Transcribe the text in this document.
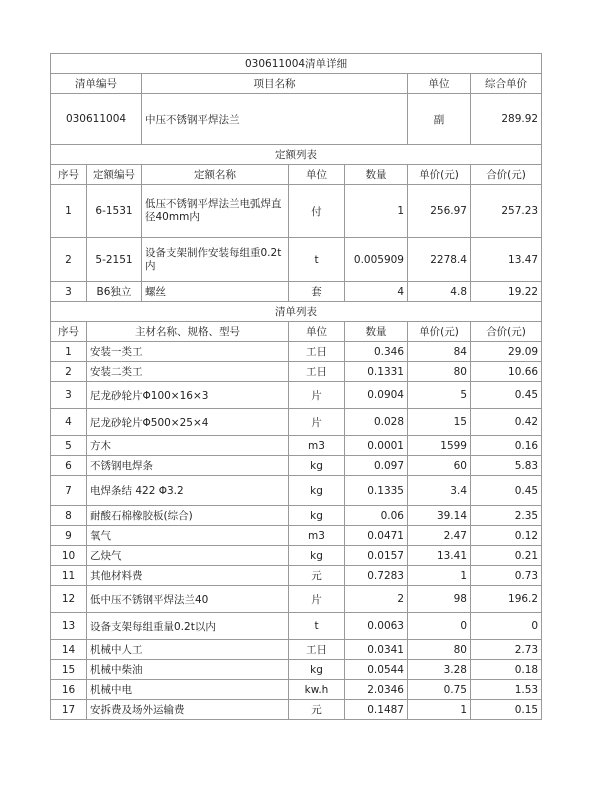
030611004清单详细						
清单编号		项目名称			单位	综合单价
030611004		中压不锈钢平焊法兰			副	289.92
定额列表						
序号	定额编号	定额名称	单位	数量	单价(元)	合价(元)
1	6-1531	低压不锈钢平焊法兰电弧焊直径40mm内	付	1	256.97	257.23
2	5-2151	设备支架制作安装每组重0.2t内	t	0.005909	2278.4	13.47
3	B6独立	螺丝	套	4	4.8	19.22
清单列表						
序号	主材名称、规格、型号		单位	数量	单价(元)	合价(元)
1	安装一类工		工日	0.346	84	29.09
2	安装二类工		工日	0.1331	80	10.66
3	尼龙砂轮片Φ100×16×3		片	0.0904	5	0.45
4	尼龙砂轮片Φ500×25×4		片	0.028	15	0.42
5	方木		m3	0.0001	1599	0.16
6	不锈钢电焊条		kg	0.097	60	5.83
7	电焊条结 422 Φ3.2		kg	0.1335	3.4	0.45
8	耐酸石棉橡胶板(综合)		kg	0.06	39.14	2.35
9	氧气		m3	0.0471	2.47	0.12
10	乙炔气		kg	0.0157	13.41	0.21
11	其他材料费		元	0.7283	1	0.73
12	低中压不锈钢平焊法兰40		片	2	98	196.2
13	设备支架每组重量0.2t以内		t	0.0063	0	0
14	机械中人工		工日	0.0341	80	2.73
15	机械中柴油		kg	0.0544	3.28	0.18
16	机械中电		kw.h	2.0346	0.75	1.53
17	安拆费及场外运输费		元	0.1487	1	0.15
